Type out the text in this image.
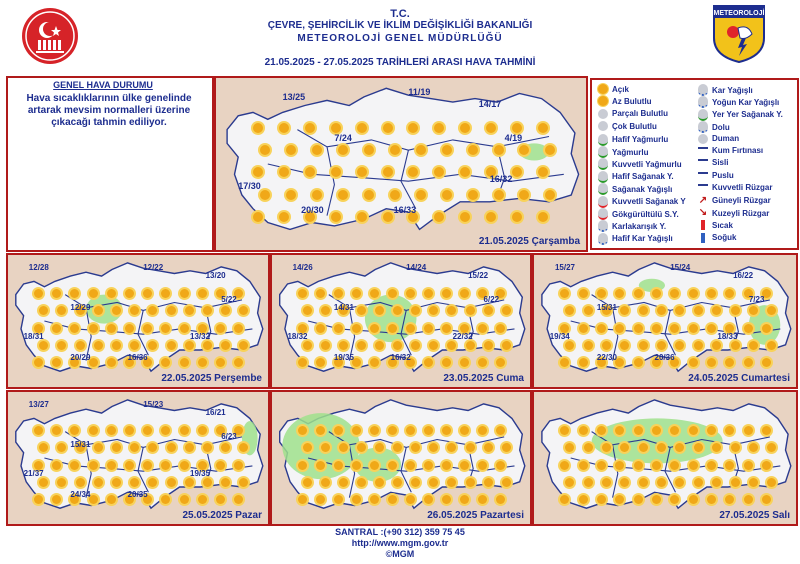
T.C.
ÇEVRE, ŞEHİRCİLİK VE İKLİM DEĞİŞİKLİĞİ BAKANLIĞI
METEOROLOJİ GENEL MÜDÜRLÜĞÜ
21.05.2025 - 27.05.2025 TARİHLERİ ARASI HAVA TAHMİNİ
METEOROLOJİ
GENEL HAVA DURUMU
Hava sıcaklıklarının ülke genelinde artarak mevsim normalleri üzerine çıkacağı tahmin ediliyor.
21.05.2025 Çarşamba
13/25
11/19
14/17
7/24	4/19
17/30
16/32
20/30	16/33
Açık
Az Bulutlu
Parçalı Bulutlu
Çok Bulutlu
Hafif Yağmurlu
Yağmurlu
Kuvvetli Yağmurlu
Hafif Sağanak Y.
Sağanak Yağışlı
Kuvvetli Sağanak Y
Gökgürültülü S.Y.
Karlakarışık Y.
Hafif Kar Yağışlı
Kar Yağışlı
Yoğun Kar Yağışlı
Yer Yer Sağanak Y.
Dolu
Duman
Kum Fırtınası
Sisli
Puslu
Kuvvetli Rüzgar
↗ Güneyli Rüzgar
↘ Kuzeyli Rüzgar
Sıcak
Soğuk
22.05.2025 Perşembe
12/28	12/22
13/20
12/29
5/22
18/31
20/29
13/32
16/36
23.05.2025 Cuma
14/26	14/24
15/22
14/31
6/22
18/32
19/35
22/32
16/32
24.05.2025 Cumartesi
15/27	15/24
16/22
15/31
7/23
19/34
22/30
18/33
20/36
25.05.2025 Pazar
13/27	15/23
16/21
15/31
6/23
21/37
24/34
19/35
20/35
26.05.2025 Pazartesi	27.05.2025 Salı
SANTRAL :(+90 312) 359 75 45
http://www.mgm.gov.tr
©MGM
